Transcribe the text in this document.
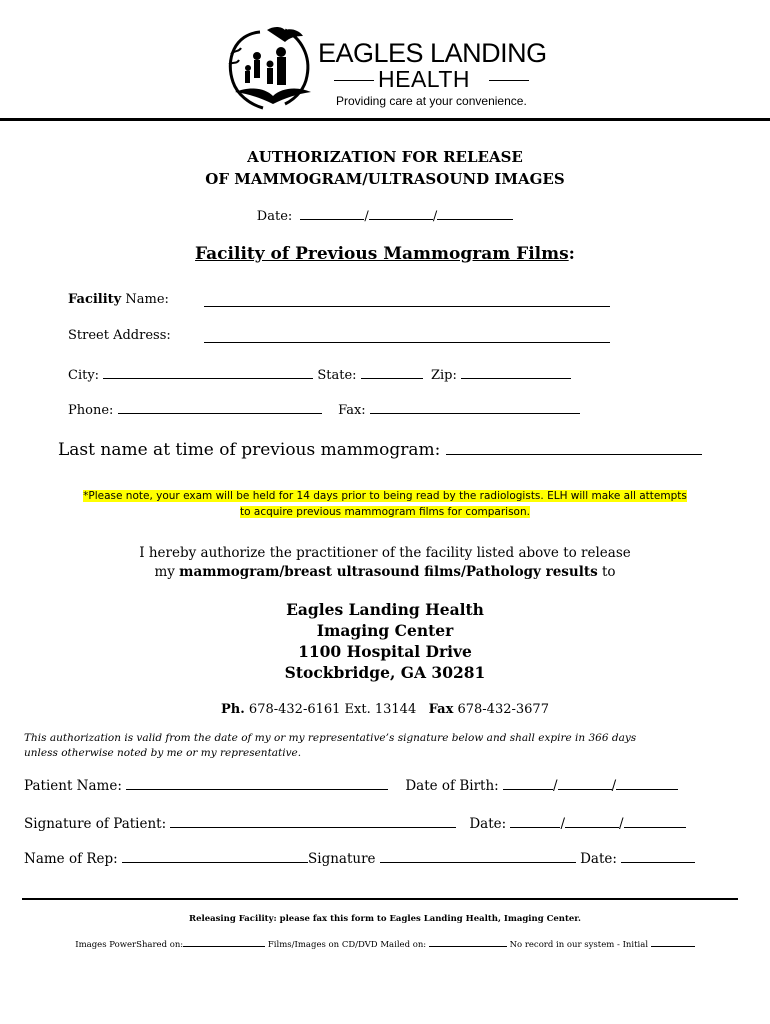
EAGLES LANDING
HEALTH
Providing care at your convenience.
AUTHORIZATION FOR RELEASE
OF MAMMOGRAM/ULTRASOUND IMAGES
Date:	/	/
Facility of Previous Mammogram Films:
Facility Name:
Street Address:
City:	State:	Zip:
Phone:	Fax:
Last name at time of previous mammogram:
*Please note, your exam will be held for 14 days prior to being read by the radiologists. ELH will make all attempts
to acquire previous mammogram films for comparison.
I hereby authorize the practitioner of the facility listed above to release
my mammogram/breast ultrasound films/Pathology results to
Eagles Landing Health
Imaging Center
1100 Hospital Drive
Stockbridge, GA 30281
Ph. 678-432-6161 Ext. 13144 Fax 678-432-3677
This authorization is valid from the date of my or my representative’s signature below and shall expire in 366 days
unless otherwise noted by me or my representative.
Patient Name:	Date of Birth:	/	/
Signature of Patient:	Date:	/	/
Name of Rep:	Signature	Date:
Releasing Facility: please fax this form to Eagles Landing Health, Imaging Center.
Images PowerShared on:	Films/Images on CD/DVD Mailed on:	No record in our system - Initial
